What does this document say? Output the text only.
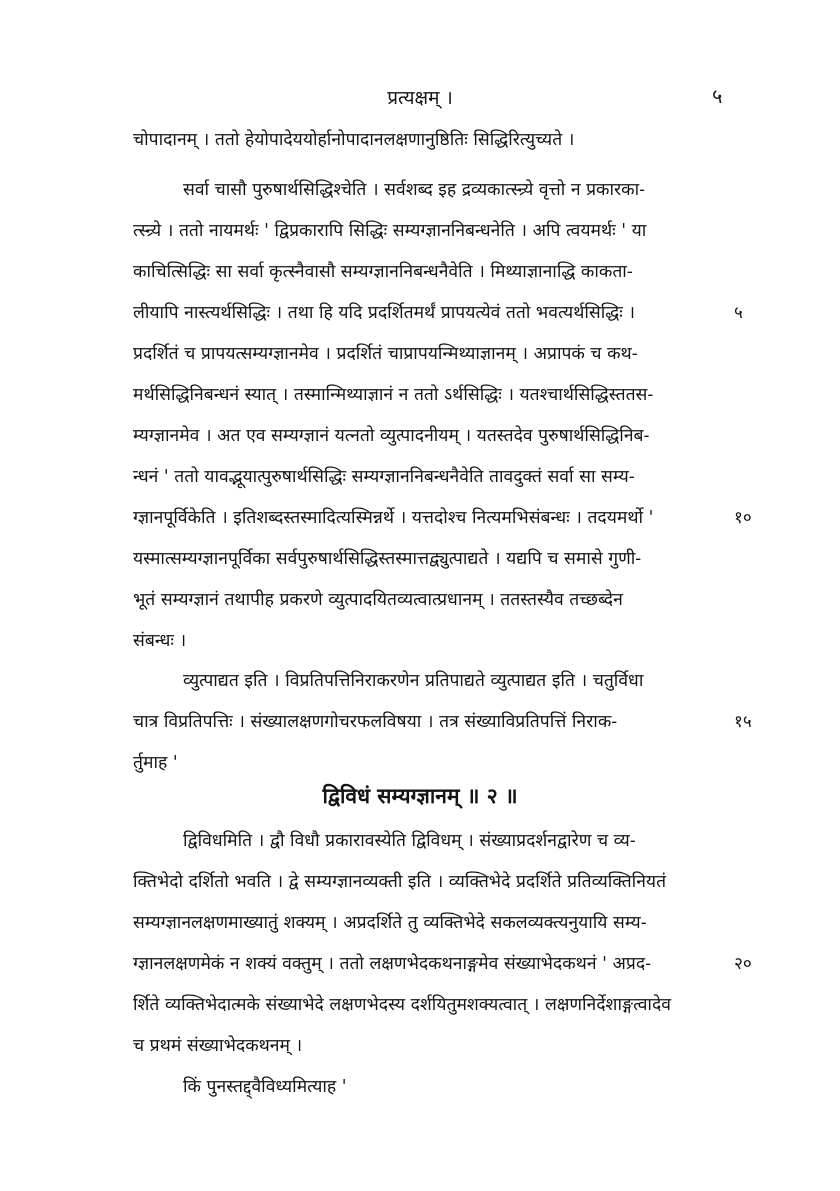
प्रत्यक्षम् ।	५
चोपादानम् । ततो हेयोपादेययोर्हानोपादानलक्षणानुष्ठितिः सिद्धिरित्युच्यते ।
सर्वा चासौ पुरुषार्थसिद्धिश्चेति । सर्वशब्द इह द्रव्यकात्स्न्र्ये वृत्तो न प्रकारका-
त्स्न्र्ये । ततो नायमर्थः ' द्विप्रकारापि सिद्धिः सम्यग्ज्ञाननिबन्धनेति । अपि त्वयमर्थः ' या
काचित्सिद्धिः सा सर्वा कृत्स्नैवासौ सम्यग्ज्ञाननिबन्धनैवेति । मिथ्याज्ञानाद्धि काकता-
लीयापि नास्त्यर्थसिद्धिः । तथा हि यदि प्रदर्शितमर्थं प्रापयत्येवं ततो भवत्यर्थसिद्धिः ।
प्रदर्शितं च प्रापयत्सम्यग्ज्ञानमेव । प्रदर्शितं चाप्रापयन्मिथ्याज्ञानम् । अप्रापकं च कथ-
मर्थसिद्धिनिबन्धनं स्यात् । तस्मान्मिथ्याज्ञानं न ततो ऽर्थसिद्धिः । यतश्चार्थसिद्धिस्ततस-
म्यग्ज्ञानमेव । अत एव सम्यग्ज्ञानं यत्नतो व्युत्पादनीयम् । यतस्तदेव पुरुषार्थसिद्धिनिब-
न्धनं ' ततो यावद्भूयात्पुरुषार्थसिद्धिः सम्यग्ज्ञाननिबन्धनैवेति तावदुक्तं सर्वा सा सम्य-
ग्ज्ञानपूर्विकेति । इतिशब्दस्तस्मादित्यस्मिन्नर्थे । यत्तदोश्च नित्यमभिसंबन्धः । तदयमर्थो '
यस्मात्सम्यग्ज्ञानपूर्विका सर्वपुरुषार्थसिद्धिस्तस्मात्तद्व्युत्पाद्यते । यद्यपि च समासे गुणी-
भूतं सम्यग्ज्ञानं तथापीह प्रकरणे व्युत्पादयितव्यत्वात्प्रधानम् । ततस्तस्यैव तच्छब्देन
संबन्धः ।
व्युत्पाद्यत इति । विप्रतिपत्तिनिराकरणेन प्रतिपाद्यते व्युत्पाद्यत इति । चतुर्विधा
चात्र विप्रतिपत्तिः । संख्यालक्षणगोचरफलविषया । तत्र संख्याविप्रतिपत्तिं निराक-
र्तुमाह '
द्विविधं सम्यग्ज्ञानम् ॥ २ ॥
द्विविधमिति । द्वौ विधौ प्रकारावस्येति द्विविधम् । संख्याप्रदर्शनद्वारेण च व्य-
क्तिभेदो दर्शितो भवति । द्वे सम्यग्ज्ञानव्यक्ती इति । व्यक्तिभेदे प्रदर्शिते प्रतिव्यक्तिनियतं
सम्यग्ज्ञानलक्षणमाख्यातुं शक्यम् । अप्रदर्शिते तु व्यक्तिभेदे सकलव्यक्त्यनुयायि सम्य-
ग्ज्ञानलक्षणमेकं न शक्यं वक्तुम् । ततो लक्षणभेदकथनाङ्गमेव संख्याभेदकथनं ' अप्रद-
र्शिते व्यक्तिभेदात्मके संख्याभेदे लक्षणभेदस्य दर्शयितुमशक्यत्वात् । लक्षणनिर्देशाङ्गत्वादेव
च प्रथमं संख्याभेदकथनम् ।
किं पुनस्तद्द्वैविध्यमित्याह '
५
१०
१५
२०
